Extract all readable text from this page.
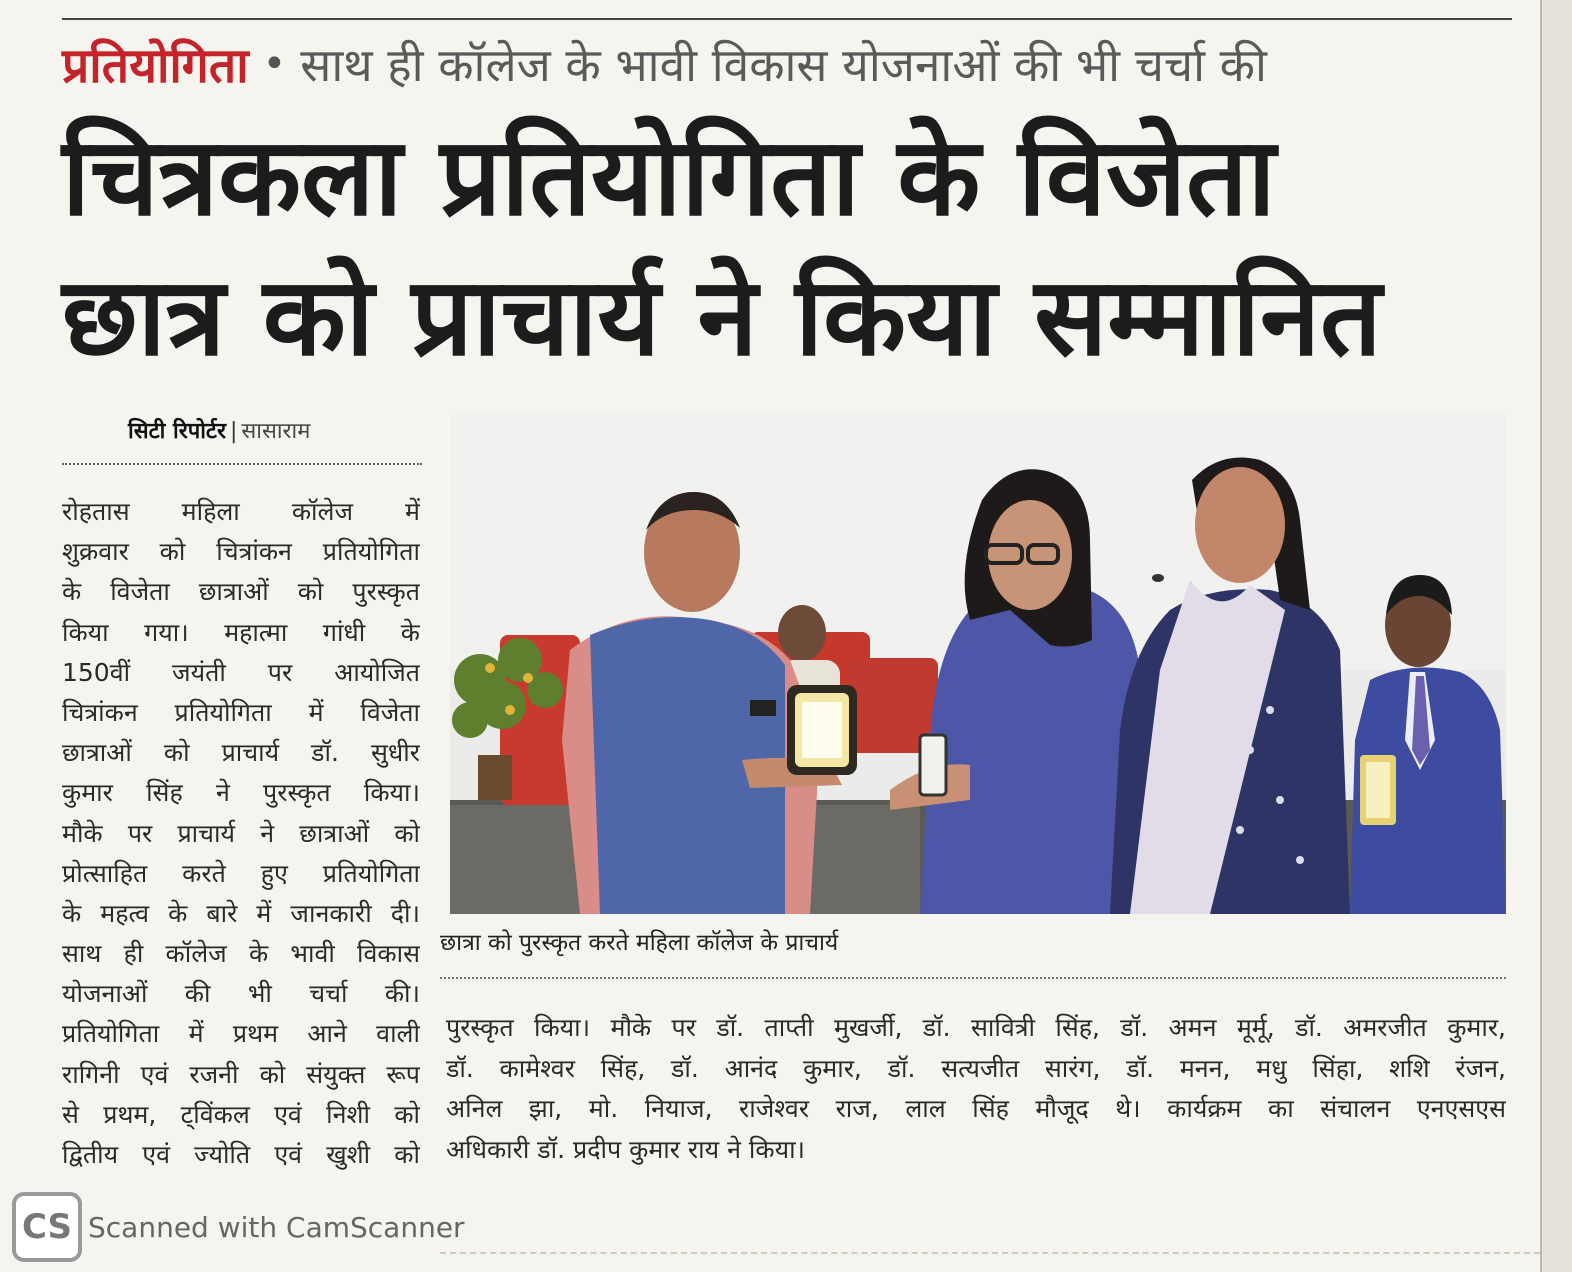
प्रतियोगिता • साथ ही कॉलेज के भावी विकास योजनाओं की भी चर्चा की
चित्रकला प्रतियोगिता के विजेता
छात्र को प्राचार्य ने किया सम्मानित
सिटी रिपोर्टर | सासाराम
रोहतास महिला कॉलेज में
शुक्रवार को चित्रांकन प्रतियोगिता
के विजेता छात्राओं को पुरस्कृत
किया गया। महात्मा गांधी के
150वीं जयंती पर आयोजित
चित्रांकन प्रतियोगिता में विजेता
छात्राओं को प्राचार्य डॉ. सुधीर
कुमार सिंह ने पुरस्कृत किया।
मौके पर प्राचार्य ने छात्राओं को
प्रोत्साहित करते हुए प्रतियोगिता
के महत्व के बारे में जानकारी दी।
साथ ही कॉलेज के भावी विकास
योजनाओं की भी चर्चा की।
प्रतियोगिता में प्रथम आने वाली
रागिनी एवं रजनी को संयुक्त रूप
से प्रथम, ट्विंकल एवं निशी को
द्वितीय एवं ज्योति एवं खुशी को
छात्रा को पुरस्कृत करते महिला कॉलेज के प्राचार्य
पुरस्कृत किया। मौके पर डॉ. ताप्ती मुखर्जी, डॉ. सावित्री सिंह, डॉ. अमन मूर्मू, डॉ. अमरजीत कुमार,
डॉ. कामेश्वर सिंह, डॉ. आनंद कुमार, डॉ. सत्यजीत सारंग, डॉ. मनन, मधु सिंहा, शशि रंजन,
अनिल झा, मो. नियाज, राजेश्वर राज, लाल सिंह मौजूद थे। कार्यक्रम का संचालन एनएसएस
अधिकारी डॉ. प्रदीप कुमार राय ने किया।
CS Scanned with CamScanner
